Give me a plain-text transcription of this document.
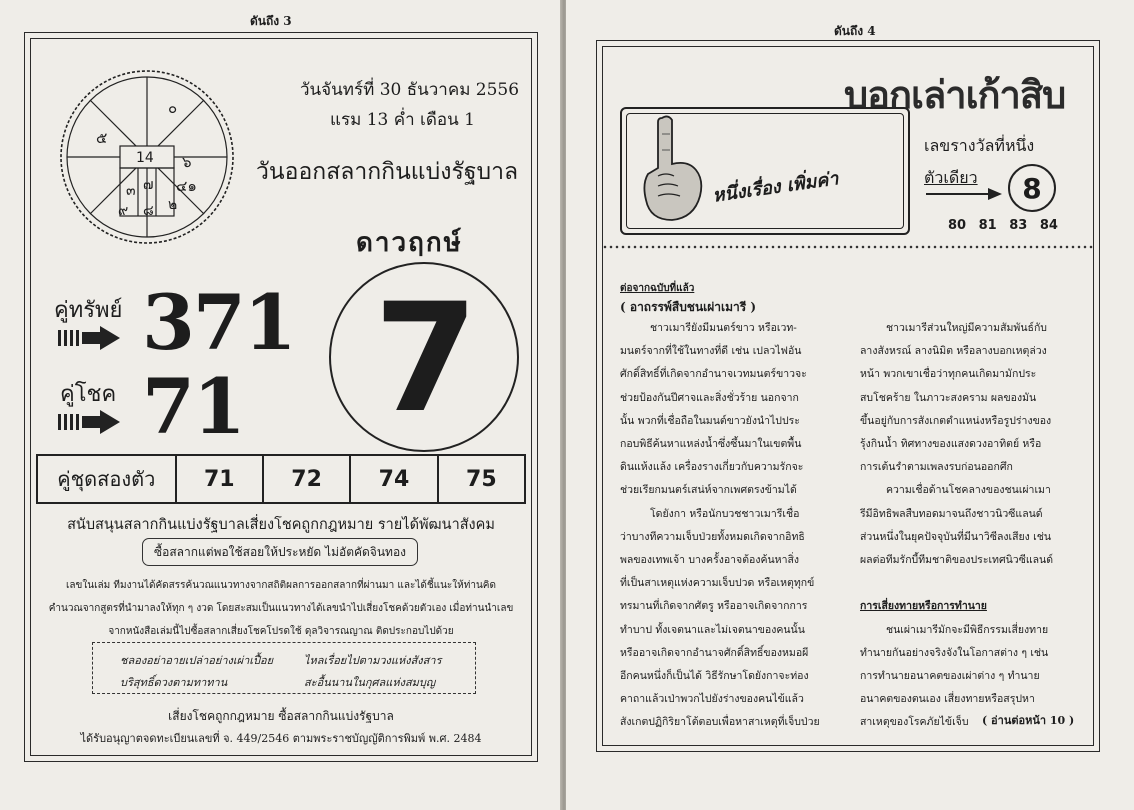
ดันถึง 3
๐
๕
14 ๖
๔๑
๓ ๗
๒
๙ ๘
วันจันทร์ที่ 30 ธันวาคม 2556
แรม 13 ค่ำ เดือน 1
วันออกสลากกินแบ่งรัฐบาล
ดาวฤกษ์
คู่ทรัพย์ 371
คู่โชค 71 7
คู่ชุดสองตัว	71	72	74	75
สนับสนุนสลากกินแบ่งรัฐบาลเสี่ยงโชคถูกกฎหมาย รายได้พัฒนาสังคม
ซื้อสลากแต่พอใช้สอยให้ประหยัด ไม่อัตคัดจินทอง
เลขในเล่ม ทีมงานได้คัดสรรค้นวณแนวทางจากสถิติผลการออกสลากที่ผ่านมา และได้ชี้แนะให้ท่านคิด
คำนวณจากสูตรที่นำมาลงให้ทุก ๆ งวด โดยสะสมเป็นแนวทางได้เลขนำไปเสี่ยงโชคด้วยตัวเอง เมื่อท่านนำเลข
จากหนังสือเล่มนี้ไปซื้อสลากเสี่ยงโชคโปรดใช้ ดุลวิจารณญาณ ติดประกอบไปด้วย
ชลองอย่าอายเปล่าอย่างเผ่าเปื้อย	ไหลเรื่อยไปตามวงแห่งสังสาร
บริสุทธิ์ดวงตามทาทาน	สะอื้นนานในกุศลแห่งสมบุญ
เสี่ยงโชคถูกกฎหมาย ซื้อสลากกินแบ่งรัฐบาล
ได้รับอนุญาตจดทะเบียนเลขที่ จ. 449/2546 ตามพระราชบัญญัติการพิมพ์ พ.ศ. 2484
ดันถึง 4
บอกเล่าเก้าสิบ
หนึ่งเรื่อง เพิ่มค่า
เลขรางวัลที่หนึ่ง
ตัวเดียว	8
80 81 83 84
ต่อจากฉบับที่แล้ว
( อาถรรพ์สืบชนเผ่าเมารี )

ชาวเมารียังมีมนตร์ขาว หรือเวท-

มนตร์จากที่ใช้ในทางที่ดี เช่น เปลวไฟอัน

ศักดิ์สิทธิ์ที่เกิดจากอำนาจเวทมนตร์ขาวจะ

ช่วยป้องกันปีศาจและสิ่งชั่วร้าย นอกจาก

นั้น พวกที่เชื่อถือในมนต์ขาวยังนำไปประ

กอบพิธีค้นหาแหล่งน้ำซึ่งซึ้นมาในเขตพื้น

ดินแห้งแล้ง เครื่องรางเกี่ยวกับความรักจะ

ช่วยเรียกมนตร์เสน่ห์จากเพศตรงข้ามได้

โดยังกา หรือนักบวชชาวเมารีเชื่อ

ว่าบางทีความเจ็บป่วยทั้งหมดเกิดจากอิทธิ

พลของเทพเจ้า บางครั้งอาจต้องค้นหาสิ่ง

ที่เป็นสาเหตุแห่งความเจ็บปวด หรือเหตุทุกข์

ทรมานที่เกิดจากศัตรู หรืออาจเกิดจากการ

ทำบาป ทั้งเจตนาและไม่เจตนาของคนนั้น

หรืออาจเกิดจากอำนาจศักดิ์สิทธิ์ของหมอผี

อีกคนหนึ่งก็เป็นได้ วิธีรักษาโดยังกาจะท่อง

คาถาแล้วเป่าพวกไปยังร่างของคนไข้แล้ว

สังเกตปฏิกิริยาโต้ตอบเพื่อหาสาเหตุที่เจ็บป่วย

ชาวเมารีส่วนใหญ่มีความสัมพันธ์กับ

ลางสังหรณ์ ลางนิมิต หรือลางบอกเหตุล่วง

หน้า พวกเขาเชื่อว่าทุกคนเกิดมามักประ

สบโชคร้าย ในภาวะสงคราม ผลของมัน

ขึ้นอยู่กับการสังเกตตำแหน่งหรือรูปร่างของ

รุ้งกินน้ำ ทิศทางของแสงดวงอาทิตย์ หรือ

การเต้นรำตามเพลงรบก่อนออกศึก

ความเชื่อด้านโชคลางของชนเผ่าเมา

รีมีอิทธิพลสืบทอดมาจนถึงชาวนิวซีแลนด์

ส่วนหนึ่งในยุคปัจจุบันที่มีนาวิซีลงเสียง เช่น

ผลต่อทีมรักบี้ทีมชาติของประเทศนิวซีแลนด์

การเสี่ยงทายหรือการทำนาย

ชนเผ่าเมารีมักจะมีพิธีกรรมเสี่ยงทาย

ทำนายกันอย่างจริงจังในโอกาสต่าง ๆ เช่น

การทำนายอนาคตของเผ่าต่าง ๆ ทำนาย

อนาคตของตนเอง เสี่ยงทายหรือสรุปหา

สาเหตุของโรคภัยไข้เจ็บ	( อ่านต่อหน้า 10 )
